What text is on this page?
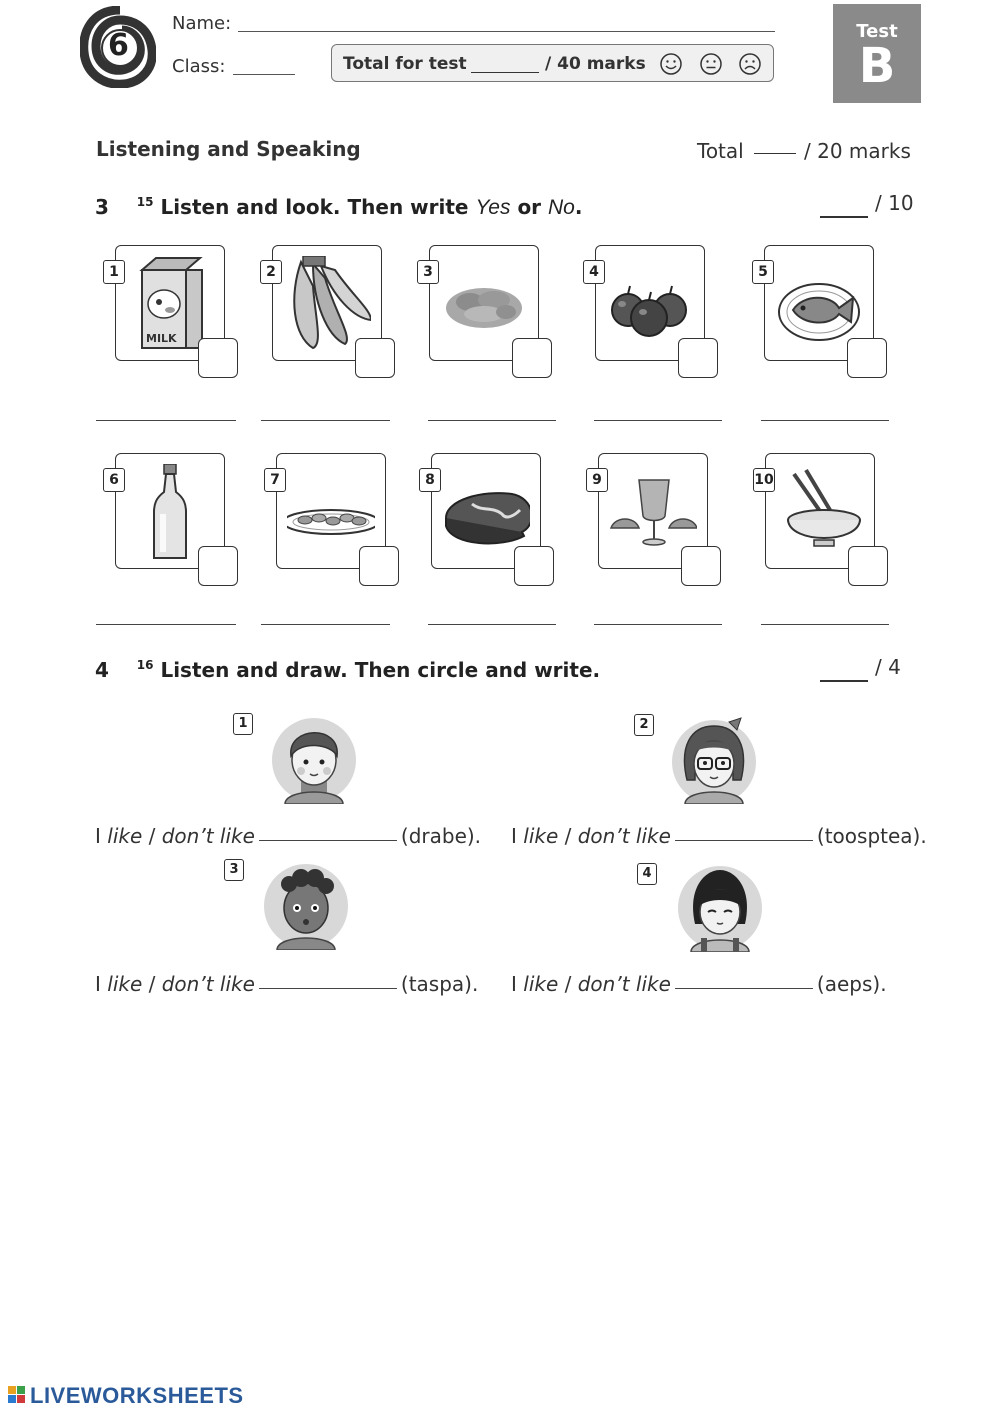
6
Name:
Class:	Total for test	/ 40 marks
Test
B
Listening and Speaking	Total	/ 20 marks
3 $^{15}$ Listen and look. Then write Yes or No.	/ 10
1
MILK
2	3	4	5
6	7	8	9	10
4 $^{16}$ Listen and draw. Then circle and write.	/ 4
1	2
I like / don’t like	(drabe). I like / don’t like	(toosptea).
3	4
I like / don’t like	(taspa). I like / don’t like	(aeps).
LIVEWORKSHEETS
